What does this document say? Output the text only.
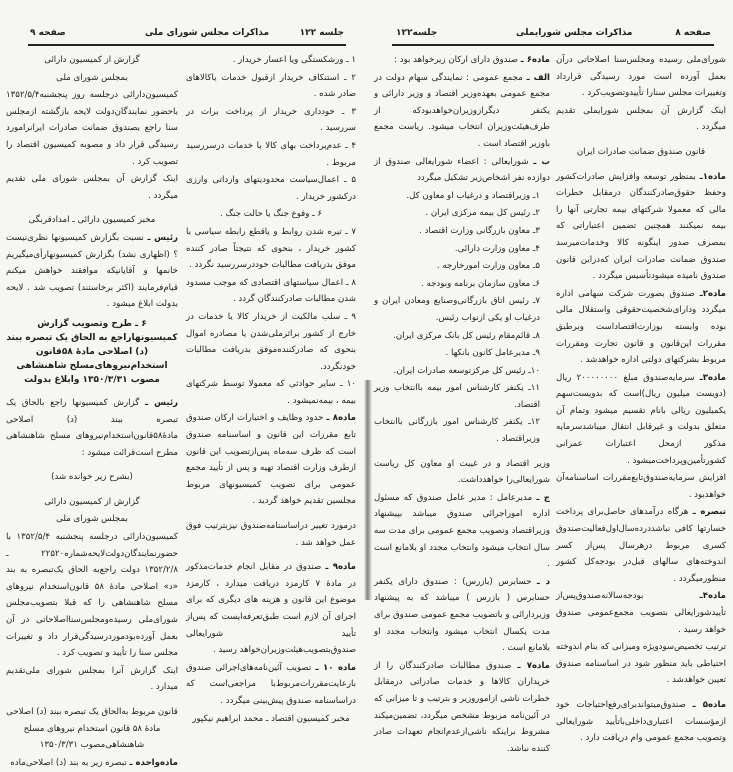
جلسه ۱۲۲
مذاکرات مجلس شورای ملی
صفحه ۹

۱ ـ ورشکستگی ویا اعسار خریدار .

۲ ـ استنکاف خریدار ازقبول خدمات یاکالاهای صادر شده .

۳ ـ خودداری خریدار از پرداخت برات در سررسید .

۴ ـ عدم‌پرداخت بهای کالا یا خدمات درسررسید مربوط .

۵ ـ اعمال‌سیاست محدودیتهای وارداتی وارزی درکشور خریدار .

۶ ـ وقوع جنگ یا حالت جنگ .

۷ ـ تیره شدن روابط و یاقطع رابطه سیاسی با کشور خریدار ، بنحوی که نتیجتاً صادر کننده موفق بدریافت مطالبات خوددرسررسید نگردد .

۸ ـ اعمال سیاستهای اقتصادی که موجب مسدود شدن مطالبات صادرکنندگان گردد .

۹ ـ سلب مالکیت از خریدار کالا یا خدمات در خارج از کشور براثرملی‌شدن یا مصادره اموال بنحوی که صادرکننده‌موفق بدریافت مطالبات خودنگردد.

۱۰ ـ سایر حوادثی که معمولا توسط شرکتهای بیمه ، بیمه‌نمیشود .

ماده۸ ـ حدود وظایف و اختیارات ارکان صندوق تابع مقررات این قانون و اساسنامه صندوق است که ظرف سه‌ماه پس‌ازتصویب این قانون ازطرف وزارت اقتصاد تهیه و پس از تأیید مجمع عمومی برای تصویب کمیسیونهای مربوط مجلسین تقدیم خواهد گردید .

درمورد تغییر دراساسنامه‌صندوق نیزبترتیب فوق عمل خواهد شد .

ماده۹ ـ صندوق در مقابل انجام خدمات‌مذکور در مادهٔ ۷ کارمزد دریافت میدارد ، کارمزد موضوع این قانون و هزینه های دیگری که برای اجرای آن لازم است طبق‌تعرفه‌ایست که پس‌از تأیید شورایعالی صندوق‌بتصویب‌هیئت‌وزیران‌خواهد رسید .

ماده ۱۰ ـ تصویب آئین‌نامه‌های‌اجرائی صندوق بارعایت‌مقررات‌مربوط‌با مراجعی‌است که دراساسنامه صندوق پیش‌بینی میگردد .

مخبر کمیسیون اقتصاد ـ محمد ابراهیم نیکپور

گزارش از کمیسیون دارائی

بمجلس شورای ملی

کمیسیون‌دارائی درجلسه روز پنجشنبه۱۳۵۲/۵/۴ باحضور نمایندگان‌دولت لایحه بازگشته ازمجلس سنا راجع بصندوق ضمانت صادرات ایرانرامورد رسیدگی قرار داد و مصوبه کمیسیون اقتصاد را تصویب کرد .

اینک گزارش آن بمجلس شورای ملی تقدیم میگردد .

مخبر کمیسیون دارائی ـ امدادقربگی

رئیس ـ نسبت بگزارش کمیسیونها نظری‌نیست ؟ (اظهاری نشد) بگزارش کمیسیونهارأی‌میگیریم خانمها و آقایانیکه موافقند خواهش میکنم قیام‌فرمایند (اکثر برخاستند) تصویب شد . لایحه بدولت ابلاغ میشود .

۶ ـ طرح وتصویب گزارش کمیسیونهاراجع به الحاق یک تبصره ببند (د) اصلاحی مادهٔ ۵۸قانون استخدام‌نیروهای‌مسلح شاهنشاهی مصوب ۱۳۵۰/۳/۳۱ وابلاغ بدولت

رئیس ـ گزارش کمیسیونها راجع بالحاق یک تبصره ببند (د) اصلاحی مادهٔ۵۸قانون‌استخدام‌نیروهای مسلح شاهنشاهی مطرح است‌قرائت میشود :

(بشرح زیر خوانده شد)

گزارش از کمیسیون دارائی

بمجلس شورای ملی

کمیسیون‌دارائی درجلسه پنجشنبه ۱۳۵۲/۵/۴ با حضورنمایندگان‌دولت‌لایحه‌شماره۲۲۵۲۰ ـ ۱۳۵۲/۲/۸ دولت راجع‌به الحاق یک‌تبصره به بند «د» اصلاحی مادهٔ ۵۸ قانون‌استخدام نیروهای مسلح شاهنشاهی را که قبلا بتصویب‌مجلس شورای‌ملی رسیده‌ومجلس‌سنا‌اصلاحاتی در آن بعمل آورده‌بودمورد‌رسیدگی‌قرار داد و تغییرات مجلس سنا را تأیید و تصویب کرد .

اینک گزارش آنرا بمجلس شورای ملی‌تقدیم میدارد .

قانون مربوط به‌الحاق یک تبصره ببند (د) اصلاحی مادهٔ ۵۸ قانون استخدام نیروهای مسلح شاهنشاهی‌مصوب ۱۳۵۰/۳/۳۱

ماده‌واحده ـ تبصره زیر به بند (د) اصلاحی‌ماده

صفحه ۸
مذاکرات مجلس شورایملی
جلسه۱۲۲

شورای‌ملی رسیده ومجلس‌سنا اصلاحاتی درآن بعمل آورده است مورد رسیدگی قرارداد وتغییرات مجلس سنارا تأییدوتصویب‌کرد .

اینک گزارش آن بمجلس شورایملی تقدیم میگردد .

قانون صندوق ضمانت صادرات ایران

ماده۱ـ بمنظور توسعه وافزایش صادرات‌کشور وحفظ حقوق‌صادرکنندگان درمقابل خطرات مالی که معمولا شرکتهای بیمه تجارتی آنها را بیمه نمیکنند همچنین تضمین اعتباراتی که بمصرف صدور اینگونه کالا وخدمات‌میرسد صندوق ضمانت صادرات ایران که‌دراین قانون صندوق نامیده میشودتأسیس میگردد .

ماده۲ـ صندوق بصورت شرکت سهامی اداره میگردد ودارای‌شخصیت‌حقوقی واستقلال مالی بوده وابسته بوزارت‌اقتصاداست وبرطبق مقررات این‌قانون و قانون تجارت ومقررات مربوط بشرکتهای دولتی اداره خواهدشد .

ماده۳ـ سرمایه‌صندوق مبلغ ۲۰۰۰۰۰۰۰۰ ریال (دویست میلیون ریال)است که بدویست‌سهم یکمیلیون ریالی بانام تقسیم میشود وتمام آن متعلق بدولت و غیرقابل انتقال میباشدسرمایه مذکور ازمحل اعتبارات عمرانی کشورتأمین‌وپرداخت‌میشود .

افزایش سرمایه‌صندوق‌تابع‌مقررات اساسنامه‌آن خواهدبود .

تبصره ـ هرگاه درآمدهای حاصل‌برای پرداخت خسارتها کافی نباشددرده‌سال‌اول‌فعالیت‌صندوق کسری مربوط درهرسال پس‌از کسر اندوخته‌های سالهای قبل‌در بودجه‌کل کشور منظورمیگردد .

ماده۴ـ بودجه‌سالانه‌صندوق‌پس‌از تأییدشورایعالی بتصویب مجمع‌عمومی صندوق خواهد رسید .

ترتیب تخصیص‌سودویژه ومیزانی که بنام اندوخته احتیاطی باید منظور شود در اساسنامه صندوق تعیین خواهدشد .

ماده۵ ـ صندوق‌میتواندبرای‌رفع‌احتیاجات خود ازمؤسسات اعتباری‌داخلی‌باتأیید شورایعالی وتصویب مجمع عمومی وام دریافت دارد .

ماده۶ ـ صندوق دارای ارکان زیرخواهد بود :

الف ـ مجمع عمومی : نمایندگی سهام دولت در مجمع عمومی بعهده‌وزیر اقتصاد و وزیر دارائی و یکنفر دیگرازوزیران‌خواهدبودکه از طرف‌هیئت‌وزیران انتخاب میشود. ریاست مجمع باوزیر اقتصاد است .

ب ـ شورایعالی : اعضاء شورایعالی صندوق از دوازده نفر اشخاص‌زیر تشکیل میگردد

۱ـ وزیراقتصاد و درغیاب او معاون کل.

۲ـ رئیس کل بیمه مرکزی ایران .

۳ـ معاون بازرگانی وزارت اقتصاد .

۴ـ معاون وزارت دارائی.

۵ـ معاون وزارت امورخارجه .

۶ـ معاون سازمان برنامه وبودجه .

۷ـ رئیس اتاق بازرگانی‌وصنایع ومعادن ایران و درغیاب او یکی ازنواب رئیس.

۸ـ قائم‌مقام رئیس کل بانک مرکزی ایران.

۹ـ مدیرعامل کانون بانکها .

۱۰ـ رئیس کل مرکزتوسعه صادرات ایران.

۱۱ـ یکنفر کارشناس امور بیمه باانتخاب وزیر اقتصاد.

۱۲ـ یکنفر کارشناس امور بازرگانی باانتخاب وزیراقتصاد .

وزیر اقتصاد و در غیبت او معاون کل ریاست شورایعالی‌را خواهدداشت.

ج ـ مدیرعامل : مدیر عامل صندوق که مسئول اداره اموراجرائی صندوق میباشد بپیشنهاد وزیراقتصاد وتصویب مجمع عمومی برای مدت سه سال انتخاب میشود وانتخاب مجدد او بلامانع است .

د ـ حسابرس (بازرس) : صندوق دارای یکنفر حسابرس ( بازرس ) میباشد که به پیشنهاد وزیردارائی و باتصویب مجمع عمومی صندوق برای مدت یکسال انتخاب میشود وانتخاب مجدد او بلامانع است .

ماده۷ ـ صندوق مطالبات صادرکنندگان را از خریداران کالاها و خدمات صادراتی درمقابل خطرات ناشی ازاموروزیر و بترتیب و تا میزانی که در آئین‌نامه مربوط مشخص میگردد، تضمین‌میکند مشروط براینکه ناشی‌ازعدم‌انجام تعهدات صادر کننده نباشد.
